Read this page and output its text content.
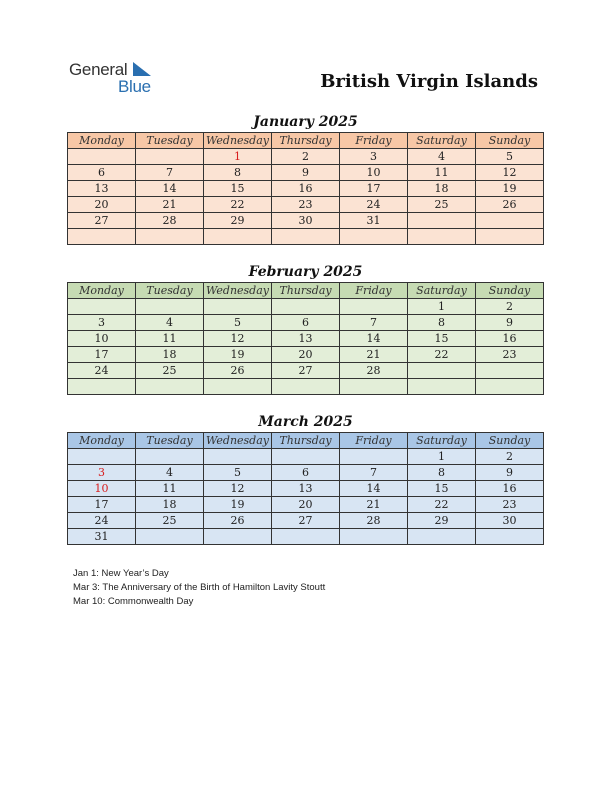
General
Blue	British Virgin Islands
January 2025
Monday	Tuesday	Wednesday	Thursday	Friday	Saturday	Sunday
		1	2	3	4	5
6	7	8	9	10	11	12
13	14	15	16	17	18	19
20	21	22	23	24	25	26
27	28	29	30	31		

February 2025
Monday	Tuesday	Wednesday	Thursday	Friday	Saturday	Sunday
					1	2
3	4	5	6	7	8	9
10	11	12	13	14	15	16
17	18	19	20	21	22	23
24	25	26	27	28		

March 2025
Monday	Tuesday	Wednesday	Thursday	Friday	Saturday	Sunday
					1	2
3	4	5	6	7	8	9
10	11	12	13	14	15	16
17	18	19	20	21	22	23
24	25	26	27	28	29	30
31						
Jan 1: New Year’s Day
Mar 3: The Anniversary of the Birth of Hamilton Lavity Stoutt
Mar 10: Commonwealth Day
